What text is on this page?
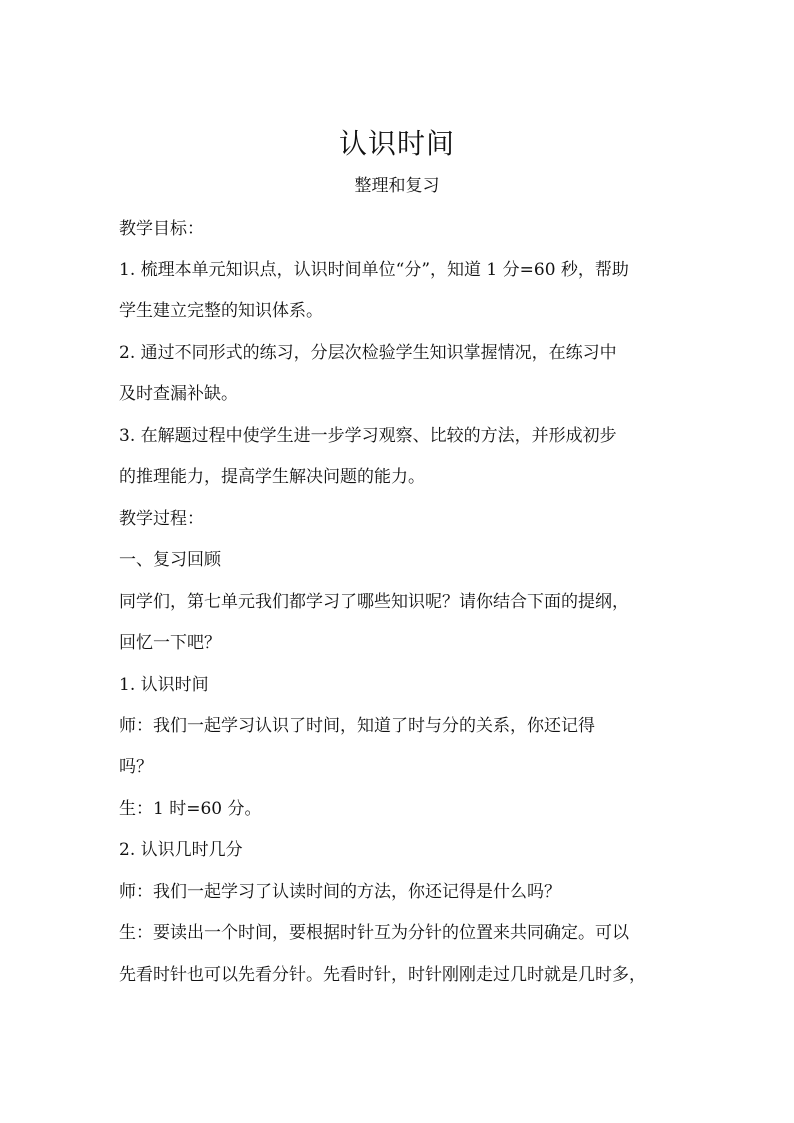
认识时间
整理和复习
教学目标：
1. 梳理本单元知识点，认识时间单位“分”，知道 1 分=60 秒，帮助
学生建立完整的知识体系。
2. 通过不同形式的练习，分层次检验学生知识掌握情况，在练习中
及时查漏补缺。
3. 在解题过程中使学生进一步学习观察、比较的方法，并形成初步
的推理能力，提高学生解决问题的能力。
教学过程：
一、复习回顾
同学们，第七单元我们都学习了哪些知识呢？请你结合下面的提纲，
回忆一下吧？
1. 认识时间
师：我们一起学习认识了时间，知道了时与分的关系，你还记得
吗？
生：1 时=60 分。
2. 认识几时几分
师：我们一起学习了认读时间的方法，你还记得是什么吗？
生：要读出一个时间，要根据时针互为分针的位置来共同确定。可以
先看时针也可以先看分针。先看时针，时针刚刚走过几时就是几时多，
